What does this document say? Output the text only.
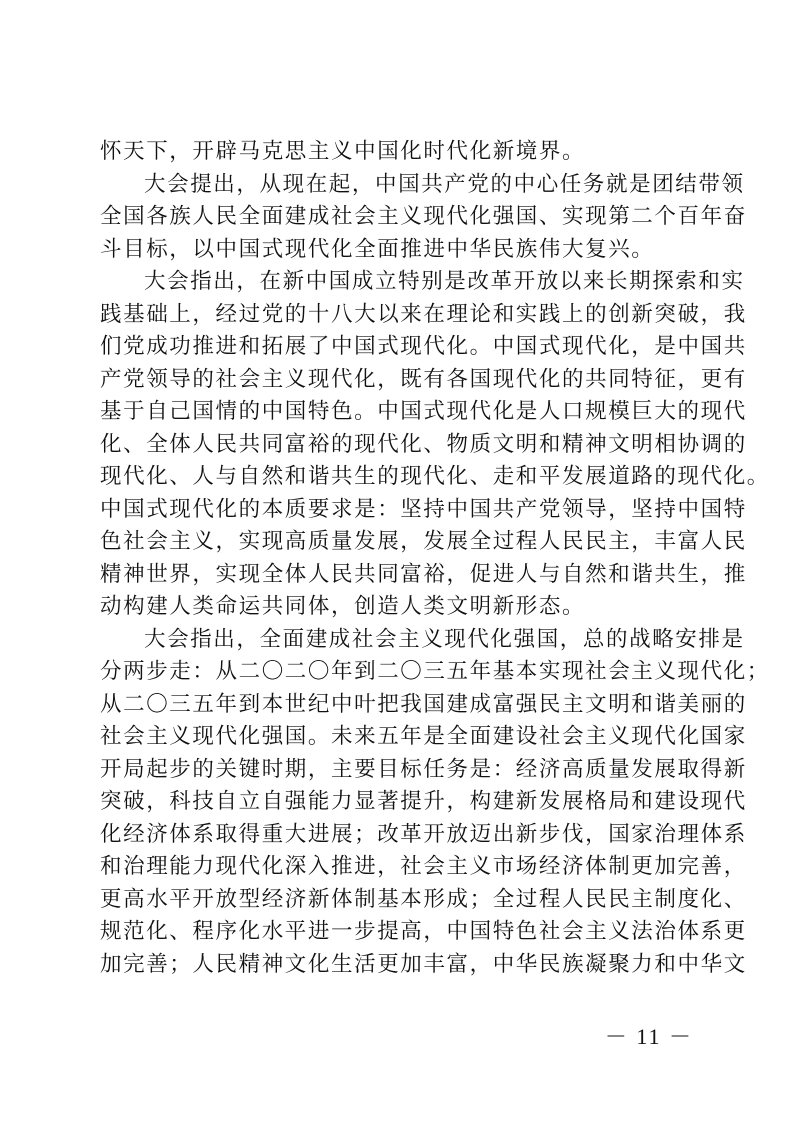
怀天下，开辟马克思主义中国化时代化新境界。
大会提出，从现在起，中国共产党的中心任务就是团结带领
全国各族人民全面建成社会主义现代化强国、实现第二个百年奋
斗目标，以中国式现代化全面推进中华民族伟大复兴。
大会指出，在新中国成立特别是改革开放以来长期探索和实
践基础上，经过党的十八大以来在理论和实践上的创新突破，我
们党成功推进和拓展了中国式现代化。中国式现代化，是中国共
产党领导的社会主义现代化，既有各国现代化的共同特征，更有
基于自己国情的中国特色。中国式现代化是人口规模巨大的现代
化、全体人民共同富裕的现代化、物质文明和精神文明相协调的
现代化、人与自然和谐共生的现代化、走和平发展道路的现代化。
中国式现代化的本质要求是：坚持中国共产党领导，坚持中国特
色社会主义，实现高质量发展，发展全过程人民民主，丰富人民
精神世界，实现全体人民共同富裕，促进人与自然和谐共生，推
动构建人类命运共同体，创造人类文明新形态。
大会指出，全面建成社会主义现代化强国，总的战略安排是
分两步走：从二〇二〇年到二〇三五年基本实现社会主义现代化；
从二〇三五年到本世纪中叶把我国建成富强民主文明和谐美丽的
社会主义现代化强国。未来五年是全面建设社会主义现代化国家
开局起步的关键时期，主要目标任务是：经济高质量发展取得新
突破，科技自立自强能力显著提升，构建新发展格局和建设现代
化经济体系取得重大进展；改革开放迈出新步伐，国家治理体系
和治理能力现代化深入推进，社会主义市场经济体制更加完善，
更高水平开放型经济新体制基本形成；全过程人民民主制度化、
规范化、程序化水平进一步提高，中国特色社会主义法治体系更
加完善；人民精神文化生活更加丰富，中华民族凝聚力和中华文
－ 11 －
